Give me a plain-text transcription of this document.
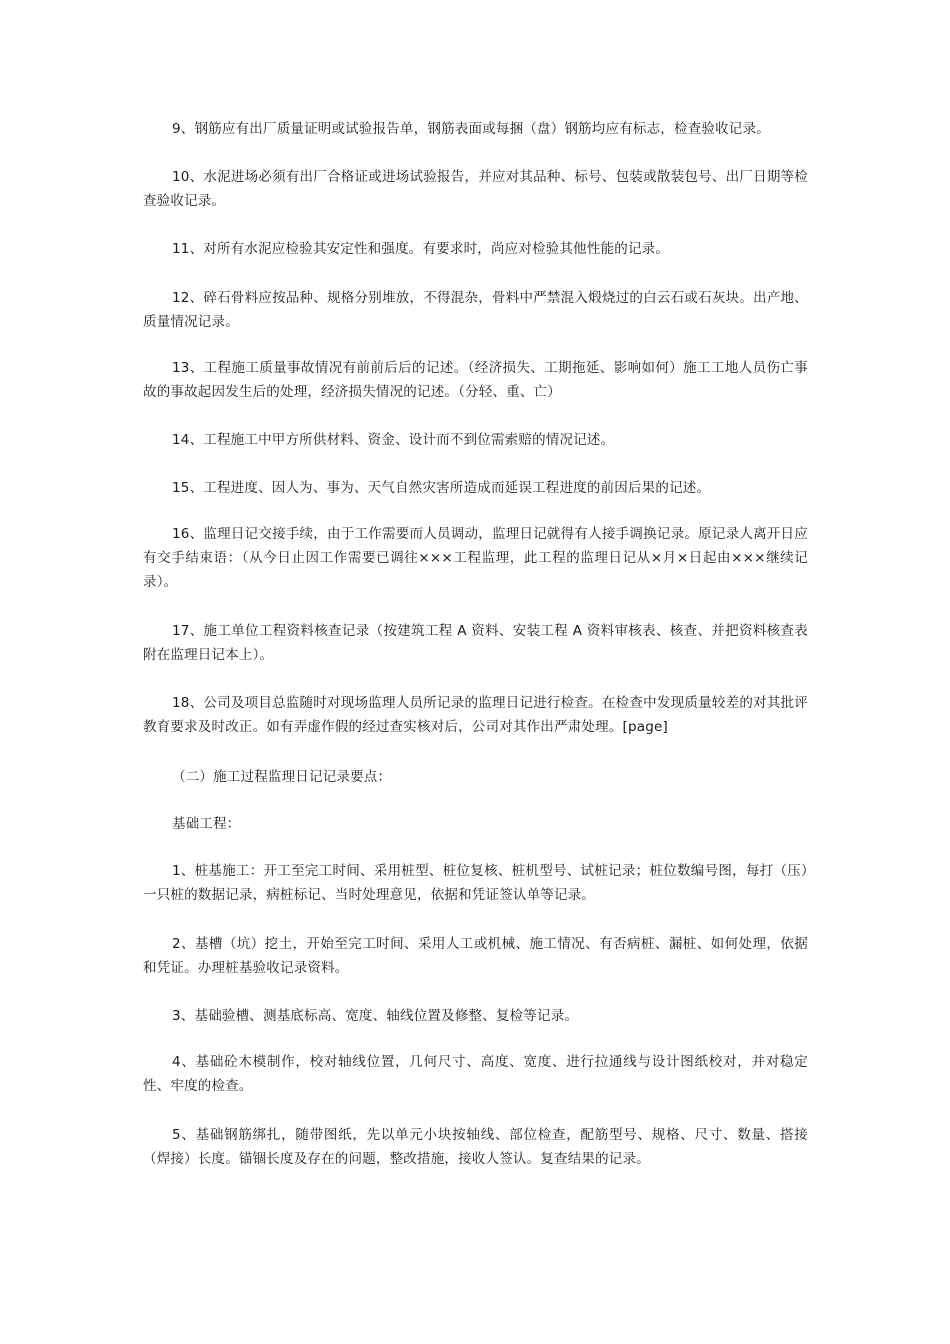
9、钢筋应有出厂质量证明或试验报告单，钢筋表面或每捆（盘）钢筋均应有标志，检查验收记录。

10、水泥进场必须有出厂合格证或进场试验报告，并应对其品种、标号、包装或散装包号、出厂日期等检查验收记录。

11、对所有水泥应检验其安定性和强度。有要求时，尚应对检验其他性能的记录。

12、碎石骨料应按品种、规格分别堆放，不得混杂，骨料中严禁混入煅烧过的白云石或石灰块。出产地、质量情况记录。

13、工程施工质量事故情况有前前后后的记述。（经济损失、工期拖延、影响如何）施工工地人员伤亡事故的事故起因发生后的处理，经济损失情况的记述。（分轻、重、亡）

14、工程施工中甲方所供材料、资金、设计而不到位需索赔的情况记述。

15、工程进度、因人为、事为、天气自然灾害所造成而延误工程进度的前因后果的记述。

16、监理日记交接手续，由于工作需要而人员调动，监理日记就得有人接手调换记录。原记录人离开日应有交手结束语：（从今日止因工作需要已调往×××工程监理，此工程的监理日记从×月×日起由×××继续记录）。

17、施工单位工程资料核查记录（按建筑工程 A 资料、安装工程 A 资料审核表、核查、并把资料核查表附在监理日记本上）。

18、公司及项目总监随时对现场监理人员所记录的监理日记进行检查。在检查中发现质量较差的对其批评教育要求及时改正。如有弄虚作假的经过查实核对后，公司对其作出严肃处理。[page]

（二）施工过程监理日记记录要点：

基础工程：

1、桩基施工：开工至完工时间、采用桩型、桩位复核、桩机型号、试桩记录；桩位数编号图，每打（压）一只桩的数据记录，病桩标记、当时处理意见，依据和凭证签认单等记录。

2、基槽（坑）挖土，开始至完工时间、采用人工或机械、施工情况、有否病桩、漏桩、如何处理，依据和凭证。办理桩基验收记录资料。

3、基础验槽、测基底标高、宽度、轴线位置及修整、复检等记录。

4、基础砼木模制作，校对轴线位置，几何尺寸、高度、宽度、进行拉通线与设计图纸校对，并对稳定性、牢度的检查。

5、基础钢筋绑扎，随带图纸，先以单元小块按轴线、部位检查，配筋型号、规格、尺寸、数量、搭接（焊接）长度。锚锢长度及存在的问题，整改措施，接收人签认。复查结果的记录。
